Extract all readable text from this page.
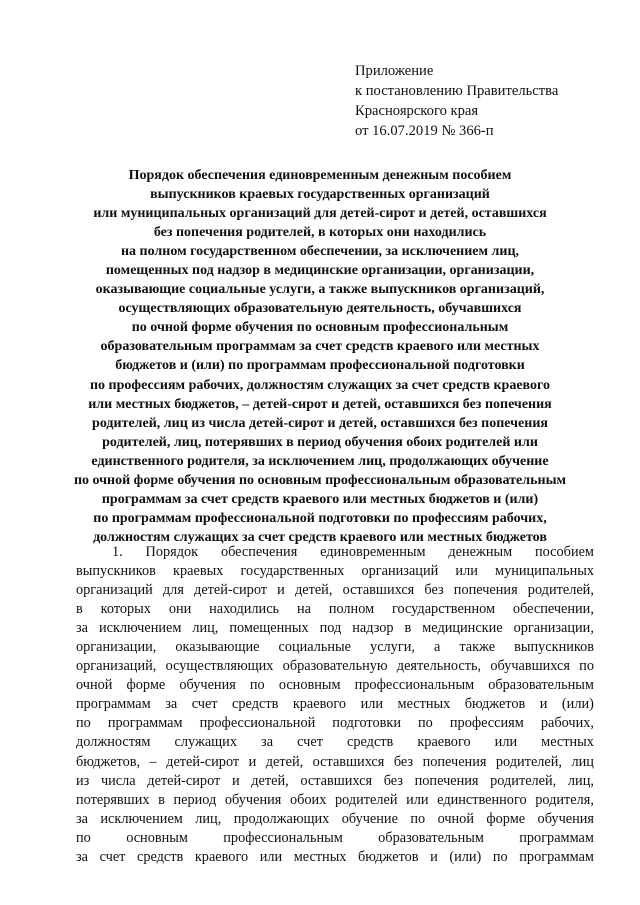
Приложение
к постановлению Правительства
Красноярского края
от 16.07.2019 № 366-п
Порядок обеспечения единовременным денежным пособием
выпускников краевых государственных организаций
или муниципальных организаций для детей-сирот и детей, оставшихся
без попечения родителей, в которых они находились
на полном государственном обеспечении, за исключением лиц,
помещенных под надзор в медицинские организации, организации,
оказывающие социальные услуги, а также выпускников организаций,
осуществляющих образовательную деятельность, обучавшихся
по очной форме обучения по основным профессиональным
образовательным программам за счет средств краевого или местных
бюджетов и (или) по программам профессиональной подготовки
по профессиям рабочих, должностям служащих за счет средств краевого
или местных бюджетов, – детей-сирот и детей, оставшихся без попечения
родителей, лиц из числа детей-сирот и детей, оставшихся без попечения
родителей, лиц, потерявших в период обучения обоих родителей или
единственного родителя, за исключением лиц, продолжающих обучение
по очной форме обучения по основным профессиональным образовательным
программам за счет средств краевого или местных бюджетов и (или)
по программам профессиональной подготовки по профессиям рабочих,
должностям служащих за счет средств краевого или местных бюджетов
1. Порядок обеспечения единовременным денежным пособием
выпускников краевых государственных организаций или муниципальных
организаций для детей-сирот и детей, оставшихся без попечения родителей,
в которых они находились на полном государственном обеспечении,
за исключением лиц, помещенных под надзор в медицинские организации,
организации, оказывающие социальные услуги, а также выпускников
организаций, осуществляющих образовательную деятельность, обучавшихся по
очной форме обучения по основным профессиональным образовательным
программам за счет средств краевого или местных бюджетов и (или)
по программам профессиональной подготовки по профессиям рабочих,
должностям служащих за счет средств краевого или местных
бюджетов, – детей-сирот и детей, оставшихся без попечения родителей, лиц
из числа детей-сирот и детей, оставшихся без попечения родителей, лиц,
потерявших в период обучения обоих родителей или единственного родителя,
за исключением лиц, продолжающих обучение по очной форме обучения
по основным профессиональным образовательным программам
за счет средств краевого или местных бюджетов и (или) по программам
